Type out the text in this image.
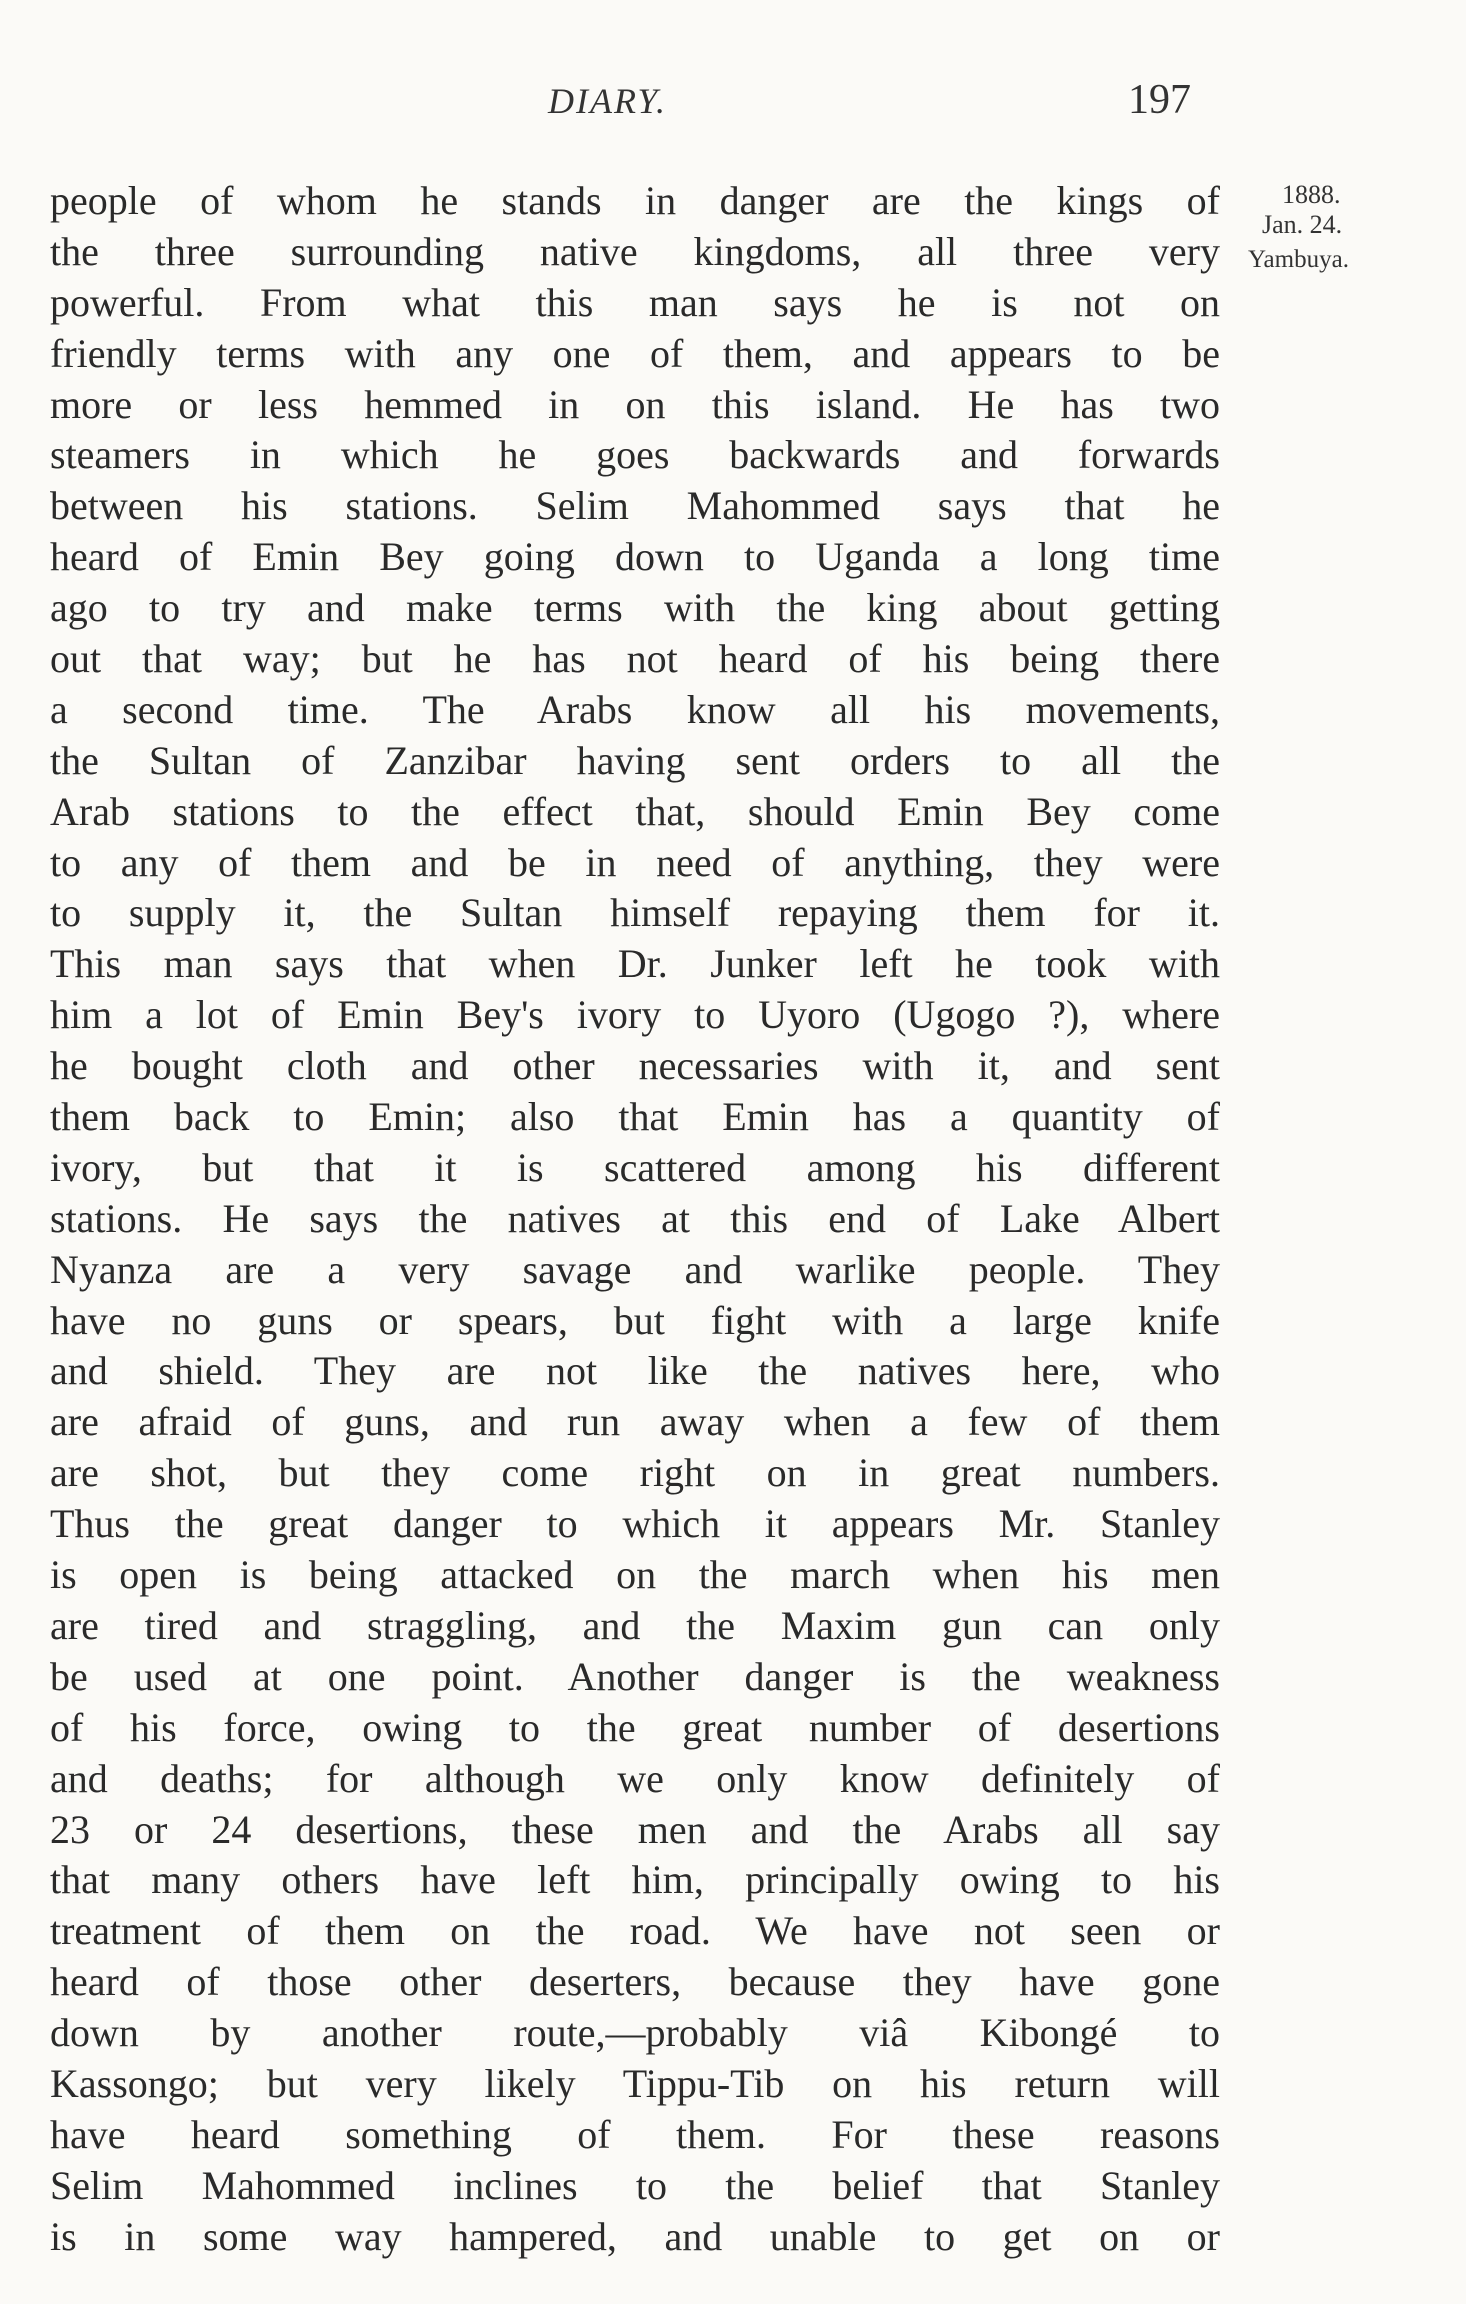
DIARY.	197
1888.
Jan. 24.
Yambuya.
people of whom he stands in danger are the kings of
the three surrounding native kingdoms, all three very
powerful. From what this man says he is not on
friendly terms with any one of them, and appears to be
more or less hemmed in on this island. He has two
steamers in which he goes backwards and forwards
between his stations. Selim Mahommed says that he
heard of Emin Bey going down to Uganda a long time
ago to try and make terms with the king about getting
out that way; but he has not heard of his being there
a second time. The Arabs know all his movements,
the Sultan of Zanzibar having sent orders to all the
Arab stations to the effect that, should Emin Bey come
to any of them and be in need of anything, they were
to supply it, the Sultan himself repaying them for it.
This man says that when Dr. Junker left he took with
him a lot of Emin Bey's ivory to Uyoro (Ugogo ?), where
he bought cloth and other necessaries with it, and sent
them back to Emin; also that Emin has a quantity of
ivory, but that it is scattered among his different
stations. He says the natives at this end of Lake Albert
Nyanza are a very savage and warlike people. They
have no guns or spears, but fight with a large knife
and shield. They are not like the natives here, who
are afraid of guns, and run away when a few of them
are shot, but they come right on in great numbers.
Thus the great danger to which it appears Mr. Stanley
is open is being attacked on the march when his men
are tired and straggling, and the Maxim gun can only
be used at one point. Another danger is the weakness
of his force, owing to the great number of desertions
and deaths; for although we only know definitely of
23 or 24 desertions, these men and the Arabs all say
that many others have left him, principally owing to his
treatment of them on the road. We have not seen or
heard of those other deserters, because they have gone
down by another route,—probably viâ Kibongé to
Kassongo; but very likely Tippu-Tib on his return will
have heard something of them. For these reasons
Selim Mahommed inclines to the belief that Stanley
is in some way hampered, and unable to get on or
